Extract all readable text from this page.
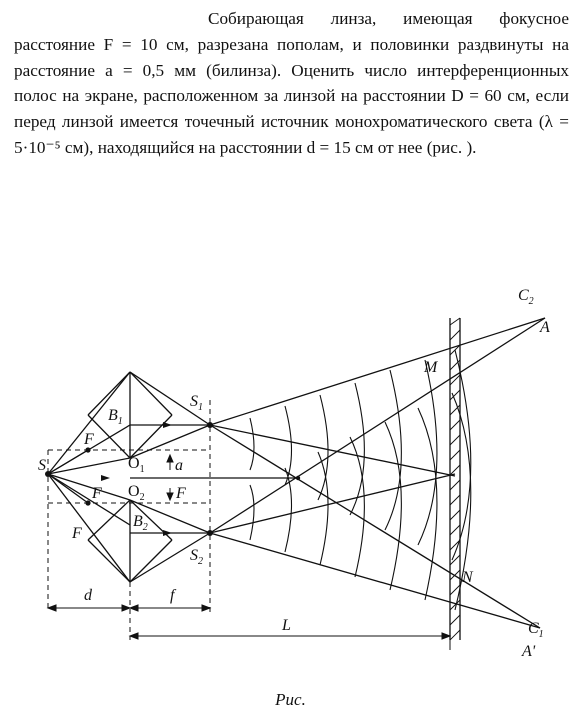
Собирающая линза, имеющая фокусное расстояние F = 10 см, разрезана пополам, и половинки раздвинуты на расстояние a = 0,5 мм (билинза). Оценить число интерференционных полос на экране, расположенном за линзой на расстоянии D = 60 см, если перед линзой имеется точечный источник монохроматического света (λ = 5·10⁻⁵ см), находящийся на расстоянии d = 15 см от нее (рис. ).

S
$S_1$
$S_2$
$B_1$
$B_2$
$O_1$
$O_2$
F
F
F
F
a
$C_2$
$C_1$
A
A'
M
N
d	f
L
Рис.
